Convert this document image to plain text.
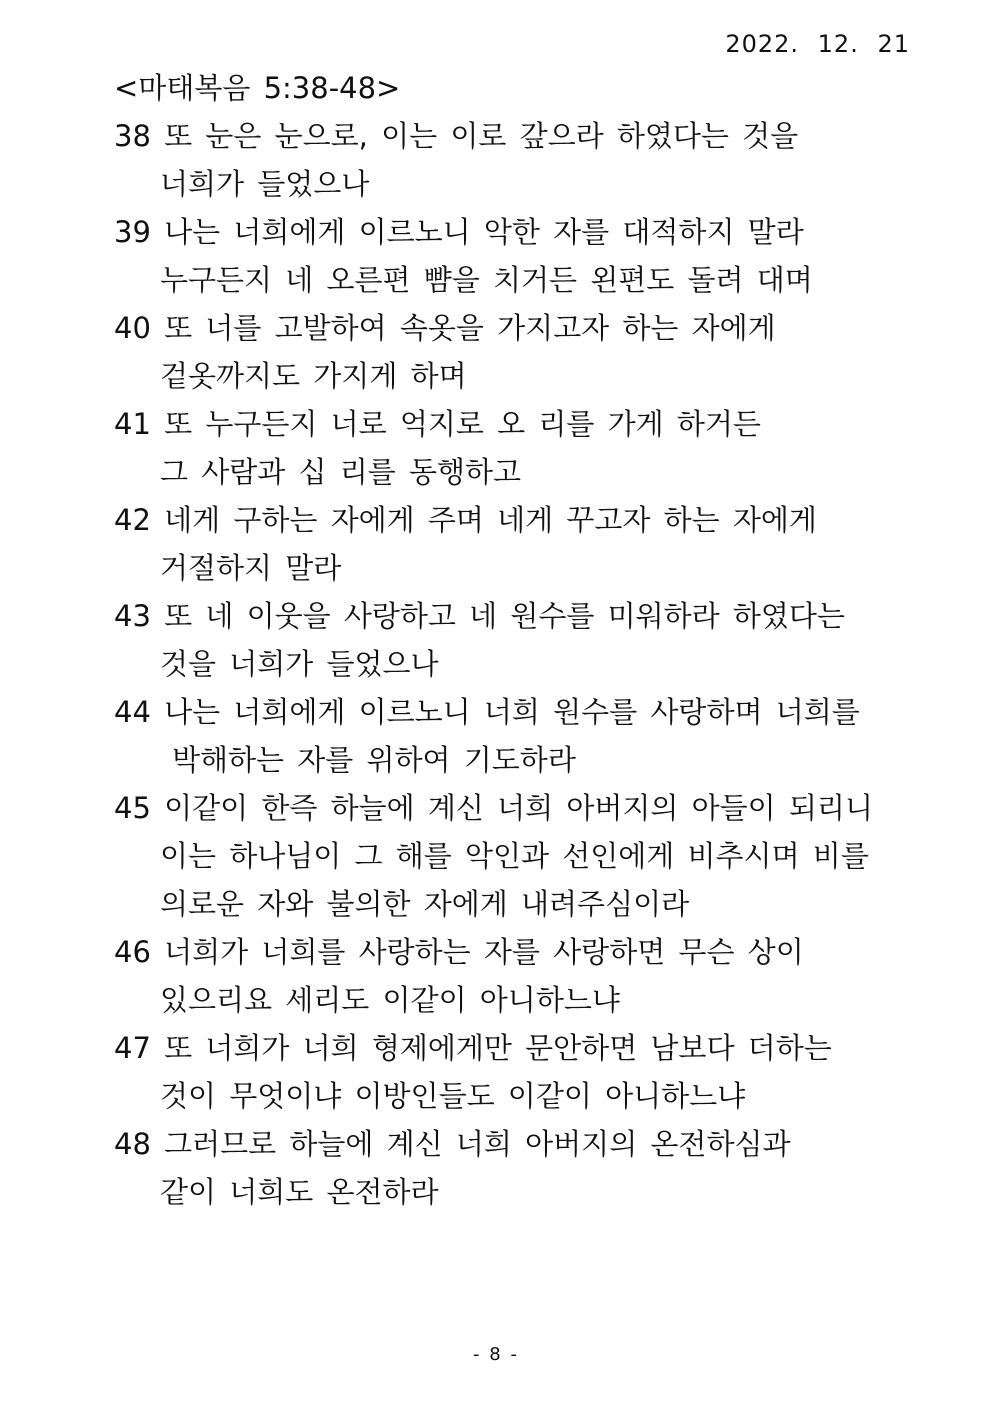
2022. 12. 21
<마태복음 5:38-48>
38 또 눈은 눈으로, 이는 이로 갚으라 하였다는 것을
너희가 들었으나
39 나는 너희에게 이르노니 악한 자를 대적하지 말라
누구든지 네 오른편 뺨을 치거든 왼편도 돌려 대며
40 또 너를 고발하여 속옷을 가지고자 하는 자에게
겉옷까지도 가지게 하며
41 또 누구든지 너로 억지로 오 리를 가게 하거든
그 사람과 십 리를 동행하고
42 네게 구하는 자에게 주며 네게 꾸고자 하는 자에게
거절하지 말라
43 또 네 이웃을 사랑하고 네 원수를 미워하라 하였다는
것을 너희가 들었으나
44 나는 너희에게 이르노니 너희 원수를 사랑하며 너희를
박해하는 자를 위하여 기도하라
45 이같이 한즉 하늘에 계신 너희 아버지의 아들이 되리니
이는 하나님이 그 해를 악인과 선인에게 비추시며 비를
의로운 자와 불의한 자에게 내려주심이라
46 너희가 너희를 사랑하는 자를 사랑하면 무슨 상이
있으리요 세리도 이같이 아니하느냐
47 또 너희가 너희 형제에게만 문안하면 남보다 더하는
것이 무엇이냐 이방인들도 이같이 아니하느냐
48 그러므로 하늘에 계신 너희 아버지의 온전하심과
같이 너희도 온전하라
- 8 -
